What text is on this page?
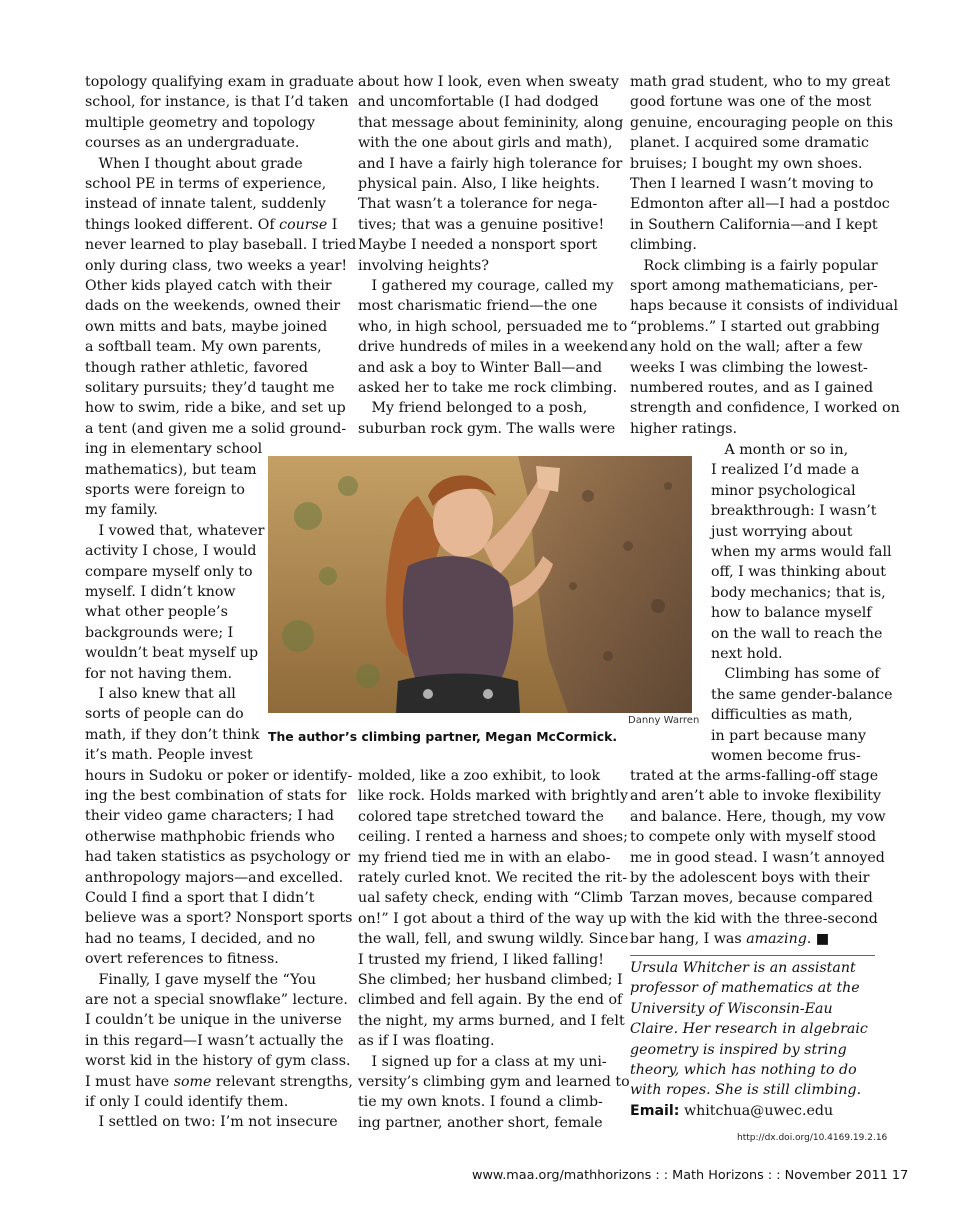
topology qualifying exam in graduate
school, for instance, is that I’d taken
multiple geometry and topology
courses as an undergraduate.
When I thought about grade
school PE in terms of experience,
instead of innate talent, suddenly
things looked different. Of course I
never learned to play baseball. I tried
only during class, two weeks a year!
Other kids played catch with their
dads on the weekends, owned their
own mitts and bats, maybe joined
a softball team. My own parents,
though rather athletic, favored
solitary pursuits; they’d taught me
how to swim, ride a bike, and set up
a tent (and given me a solid ground-
ing in elementary school
mathematics), but team
sports were foreign to
my family.
I vowed that, whatever
activity I chose, I would
compare myself only to
myself. I didn’t know
what other people’s
backgrounds were; I
wouldn’t beat myself up
for not having them.
I also knew that all
sorts of people can do
math, if they don’t think
it’s math. People invest
hours in Sudoku or poker or identify-
ing the best combination of stats for
their video game characters; I had
otherwise mathphobic friends who
had taken statistics as psychology or
anthropology majors—and excelled.
Could I find a sport that I didn’t
believe was a sport? Nonsport sports
had no teams, I decided, and no
overt references to fitness.
Finally, I gave myself the “You
are not a special snowflake” lecture.
I couldn’t be unique in the universe
in this regard—I wasn’t actually the
worst kid in the history of gym class.
I must have some relevant strengths,
if only I could identify them.
I settled on two: I’m not insecure
about how I look, even when sweaty
and uncomfortable (I had dodged
that message about femininity, along
with the one about girls and math),
and I have a fairly high tolerance for
physical pain. Also, I like heights.
That wasn’t a tolerance for nega-
tives; that was a genuine positive!
Maybe I needed a nonsport sport
involving heights?
I gathered my courage, called my
most charismatic friend—the one
who, in high school, persuaded me to
drive hundreds of miles in a weekend
and ask a boy to Winter Ball—and
asked her to take me rock climbing.
My friend belonged to a posh,
suburban rock gym. The walls were
molded, like a zoo exhibit, to look
like rock. Holds marked with brightly
colored tape stretched toward the
ceiling. I rented a harness and shoes;
my friend tied me in with an elabo-
rately curled knot. We recited the rit-
ual safety check, ending with “Climb
on!” I got about a third of the way up
the wall, fell, and swung wildly. Since
I trusted my friend, I liked falling!
She climbed; her husband climbed; I
climbed and fell again. By the end of
the night, my arms burned, and I felt
as if I was floating.
I signed up for a class at my uni-
versity’s climbing gym and learned to
tie my own knots. I found a climb-
ing partner, another short, female
math grad student, who to my great
good fortune was one of the most
genuine, encouraging people on this
planet. I acquired some dramatic
bruises; I bought my own shoes.
Then I learned I wasn’t moving to
Edmonton after all—I had a postdoc
in Southern California—and I kept
climbing.
Rock climbing is a fairly popular
sport among mathematicians, per-
haps because it consists of individual
“problems.” I started out grabbing
any hold on the wall; after a few
weeks I was climbing the lowest-
numbered routes, and as I gained
strength and confidence, I worked on
higher ratings.
A month or so in,
I realized I’d made a
minor psychological
breakthrough: I wasn’t
just worrying about
when my arms would fall
off, I was thinking about
body mechanics; that is,
how to balance myself
on the wall to reach the
next hold.
Climbing has some of
the same gender-balance
difficulties as math,
in part because many
women become frus-
trated at the arms-falling-off stage
and aren’t able to invoke flexibility
and balance. Here, though, my vow
to compete only with myself stood
me in good stead. I wasn’t annoyed
by the adolescent boys with their
Tarzan moves, because compared
with the kid with the three-second
bar hang, I was amazing. ■
Danny Warren
The author’s climbing partner, Megan McCormick.
Ursula Whitcher is an assistant
professor of mathematics at the
University of Wisconsin-Eau
Claire. Her research in algebraic
geometry is inspired by string
theory, which has nothing to do
with ropes. She is still climbing.
Email: whitchua@uwec.edu
http://dx.doi.org/10.4169.19.2.16
www.maa.org/mathhorizons : : Math Horizons : : November 2011 17
